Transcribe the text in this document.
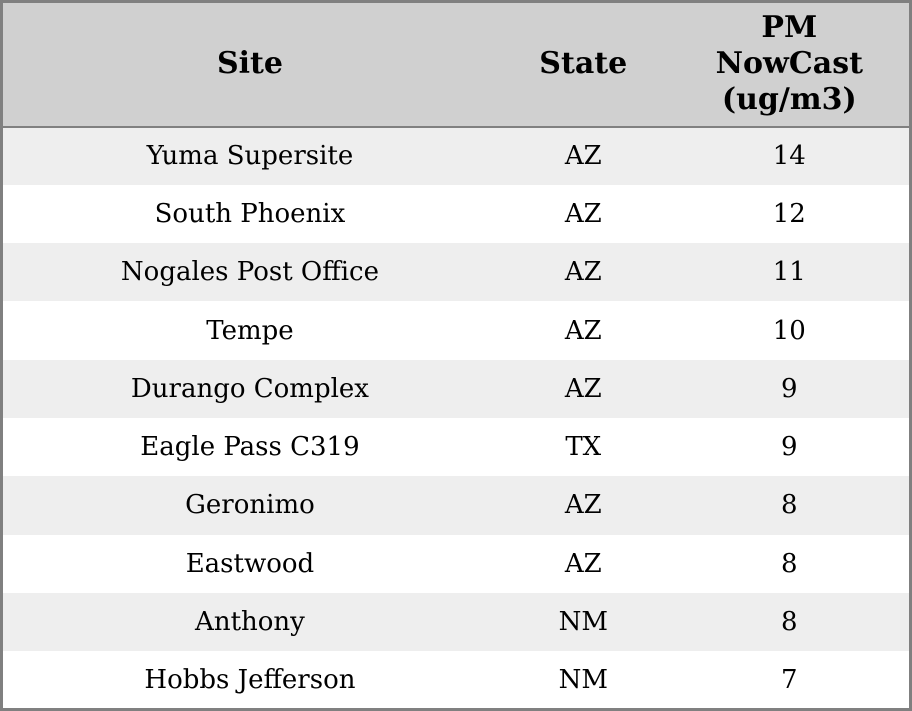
Site	State	PM NowCast (ug/m3)
Yuma Supersite	AZ	14
South Phoenix	AZ	12
Nogales Post Office	AZ	11
Tempe	AZ	10
Durango Complex	AZ	9
Eagle Pass C319	TX	9
Geronimo	AZ	8
Eastwood	AZ	8
Anthony	NM	8
Hobbs Jefferson	NM	7
